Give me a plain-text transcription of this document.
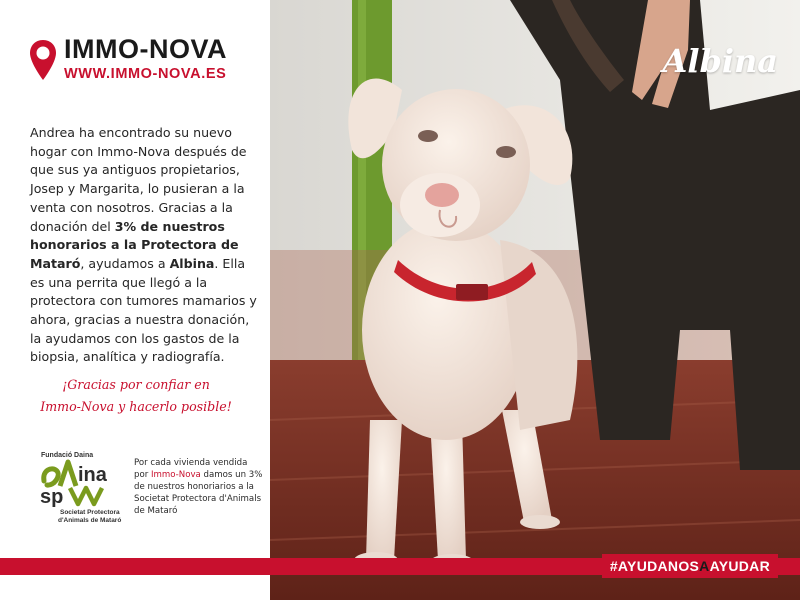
IMMO-NOVA
WWW.IMMO-NOVA.ES

Andrea ha encontrado su nuevo hogar con Immo-Nova después de que sus ya antiguos propietarios, Josep y Margarita, lo pusieran a la venta con nosotros. Gracias a la donación del 3% de nuestros honorarios a la Protectora de Mataró, ayudamos a Albina. Ella es una perrita que llegó a la protectora con tumores mamarios y ahora, gracias a nuestra donación, la ayudamos con los gastos de la biopsia, analítica y radiografía.

¡Gracias por confiar en
Immo-Nova y hacerlo posible!

Fundació Daina
ina
sp
Societat Protectora
d'Animals de Mataró

Por cada vivienda vendida por Immo-Nova damos un 3% de nuestros honoriarios a la Societat Protectora d'Animals de Mataró

Albina
#AYUDANOSAAYUDAR
